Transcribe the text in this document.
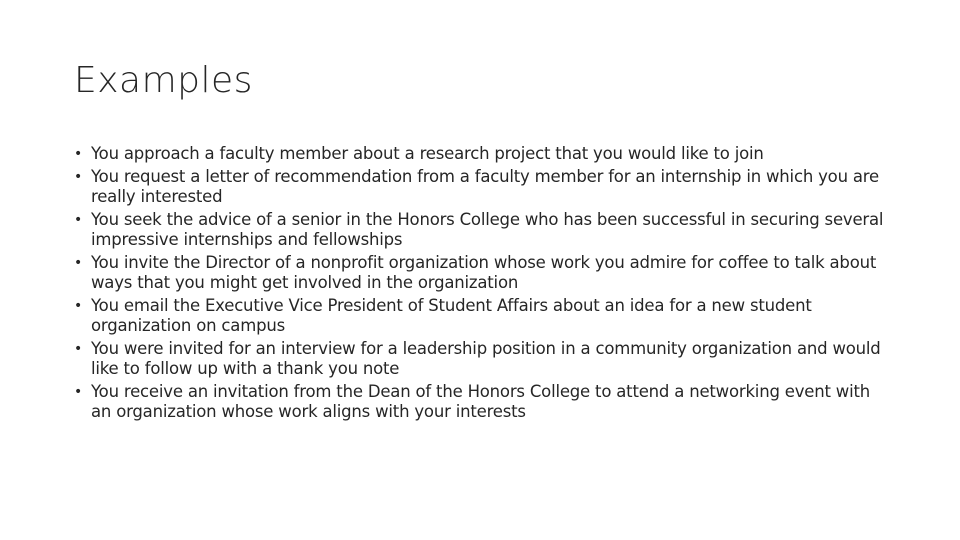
Examples
• You approach a faculty member about a research project that you would like to join
• You request a letter of recommendation from a faculty member for an internship in which you are really interested
• You seek the advice of a senior in the Honors College who has been successful in securing several impressive internships and fellowships
• You invite the Director of a nonprofit organization whose work you admire for coffee to talk about ways that you might get involved in the organization
• You email the Executive Vice President of Student Affairs about an idea for a new student organization on campus
• You were invited for an interview for a leadership position in a community organization and would like to follow up with a thank you note
• You receive an invitation from the Dean of the Honors College to attend a networking event with an organization whose work aligns with your interests
